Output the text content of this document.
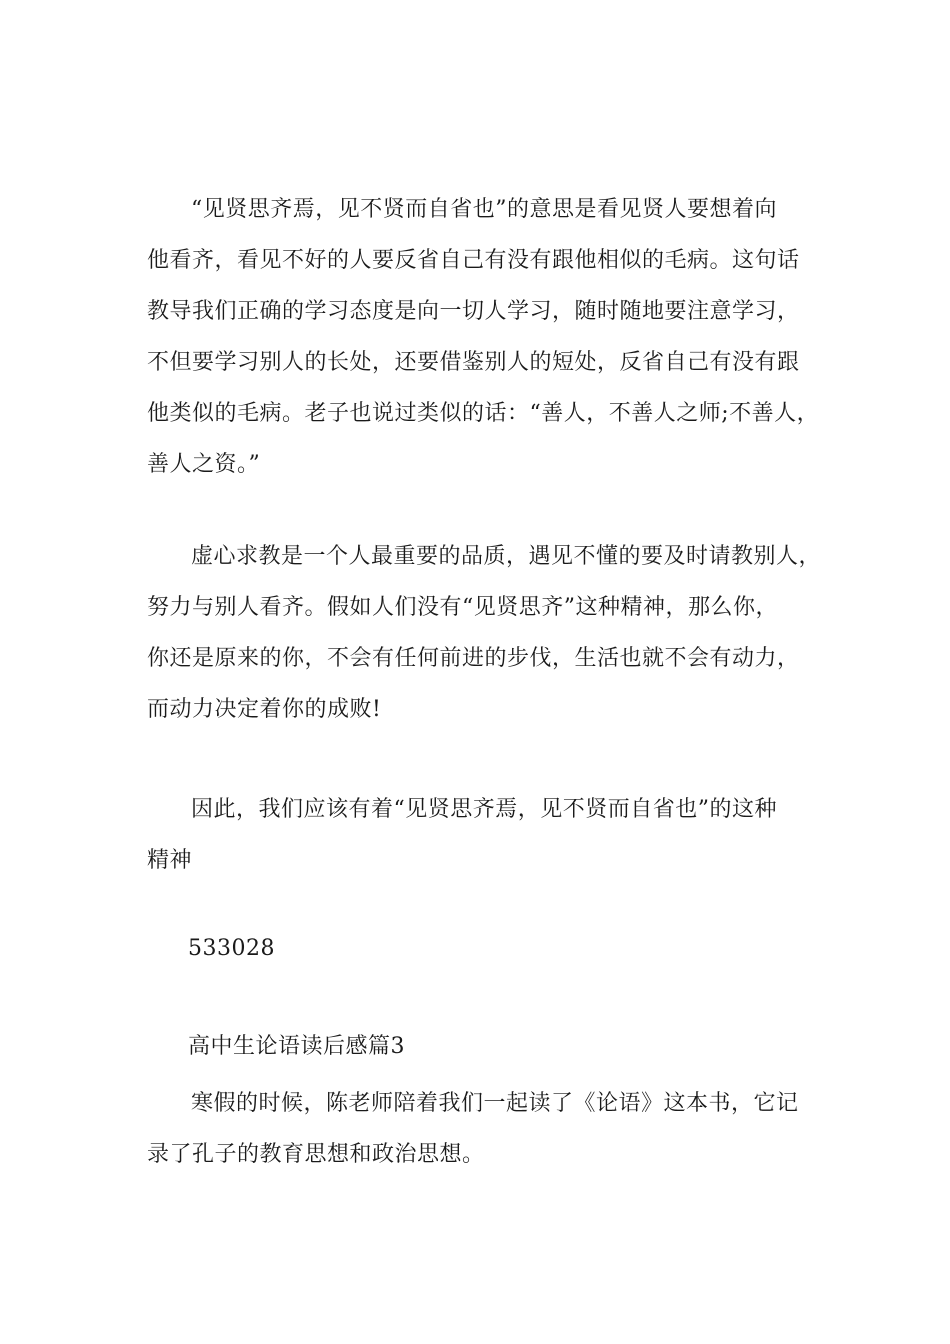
“见贤思齐焉，见不贤而自省也”的意思是看见贤人要想着向
他看齐，看见不好的人要反省自己有没有跟他相似的毛病。这句话
教导我们正确的学习态度是向一切人学习，随时随地要注意学习，
不但要学习别人的长处，还要借鉴别人的短处，反省自己有没有跟
他类似的毛病。老子也说过类似的话：“善人，不善人之师;不善人，
善人之资。”
虚心求教是一个人最重要的品质，遇见不懂的要及时请教别人，
努力与别人看齐。假如人们没有“见贤思齐”这种精神，那么你，
你还是原来的你，不会有任何前进的步伐，生活也就不会有动力，
而动力决定着你的成败!
因此，我们应该有着“见贤思齐焉，见不贤而自省也”的这种
精神
533028
高中生论语读后感篇3
寒假的时候，陈老师陪着我们一起读了《论语》这本书，它记
录了孔子的教育思想和政治思想。
